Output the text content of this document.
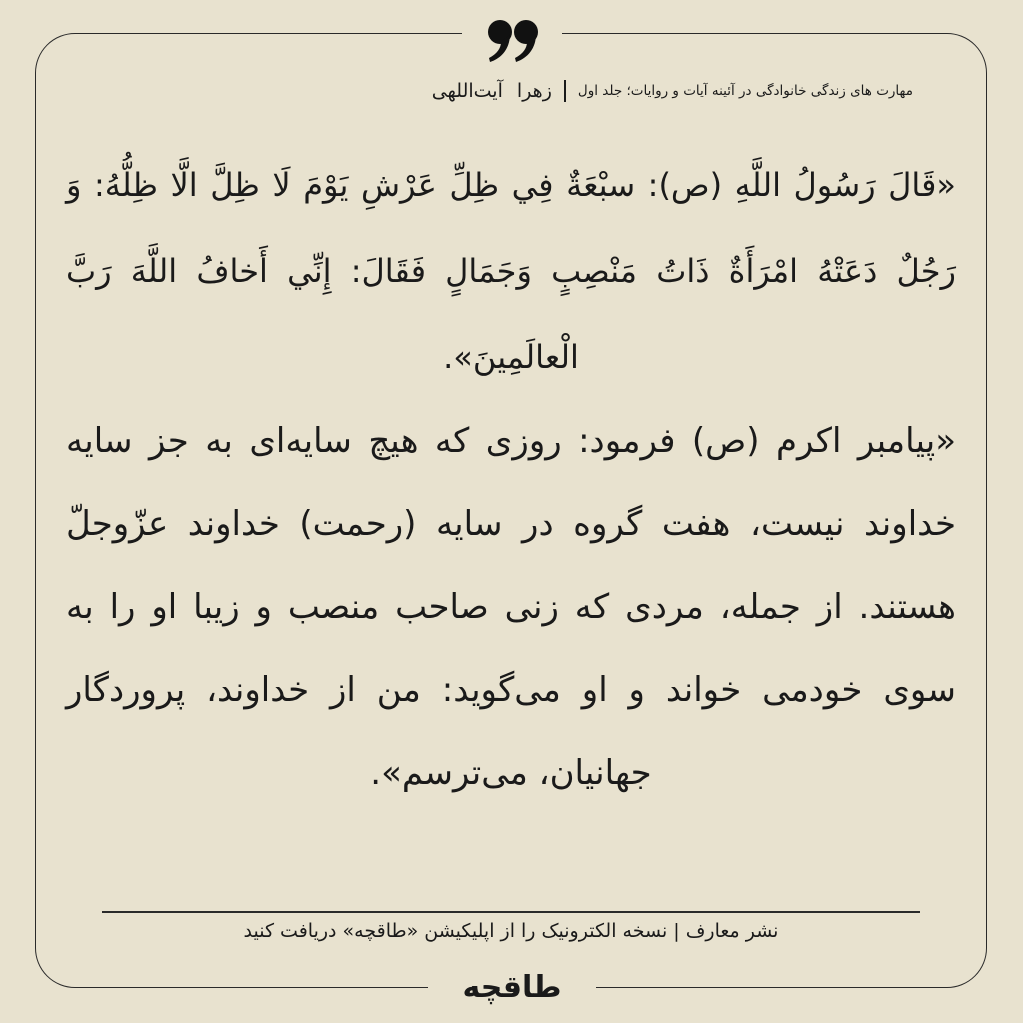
مهارت های زندگی خانوادگی در آئینه آیات و روایات؛ جلد اول
زهرا آیت‌اللهی

«قَالَ رَسُولُ اللَّهِ (ص): سبْعَةٌ فِي ظِلِّ عَرْشِ يَوْمَ لَا ظِلَّ الَّا ظِلُّهُ: وَ رَجُلٌ دَعَتْهُ امْرَأَةٌ ذَاتُ مَنْصِبٍ وَجَمَالٍ فَقَالَ: إِنِّي أَخافُ اللَّهَ رَبَّ الْعالَمِينَ».

«پیامبر اکرم (ص) فرمود: روزی که هیچ سایه‌ای به جز سایه خداوند نیست، هفت گروه در سایه (رحمت) خداوند عزّوجلّ هستند. از جمله، مردی که زنی صاحب منصب و زیبا او را به سوی خودمی خواند و او می‌گوید: من از خداوند، پروردگار جهانیان، می‌ترسم».

نشر معارف | نسخه الکترونیک را از اپلیکیشن «طاقچه» دریافت کنید
طاقچه
